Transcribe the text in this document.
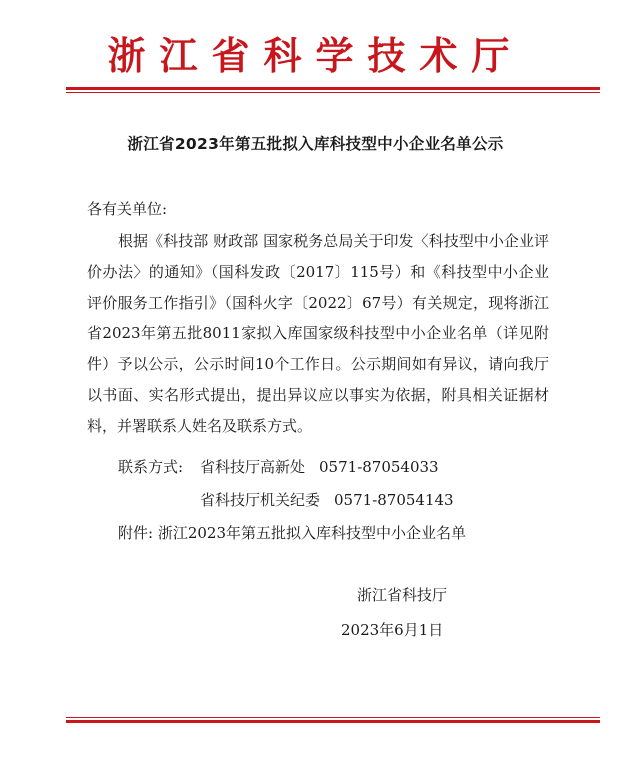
浙江省科学技术厅
浙江省2023年第五批拟入库科技型中小企业名单公示
各有关单位:

根据《科技部 财政部 国家税务总局关于印发〈科技型中小企业评价办法〉的通知》（国科发政〔2017〕115号）和《科技型中小企业评价服务工作指引》（国科火字〔2022〕67号）有关规定，现将浙江省2023年第五批8011家拟入库国家级科技型中小企业名单（详见附件）予以公示，公示时间10个工作日。公示期间如有异议，请向我厅以书面、实名形式提出，提出异议应以事实为依据，附具相关证据材料，并署联系人姓名及联系方式。

联系方式: 省科技厅高新处 0571-87054033
省科技厅机关纪委 0571-87054143
附件: 浙江2023年第五批拟入库科技型中小企业名单
浙江省科技厅
2023年6月1日
